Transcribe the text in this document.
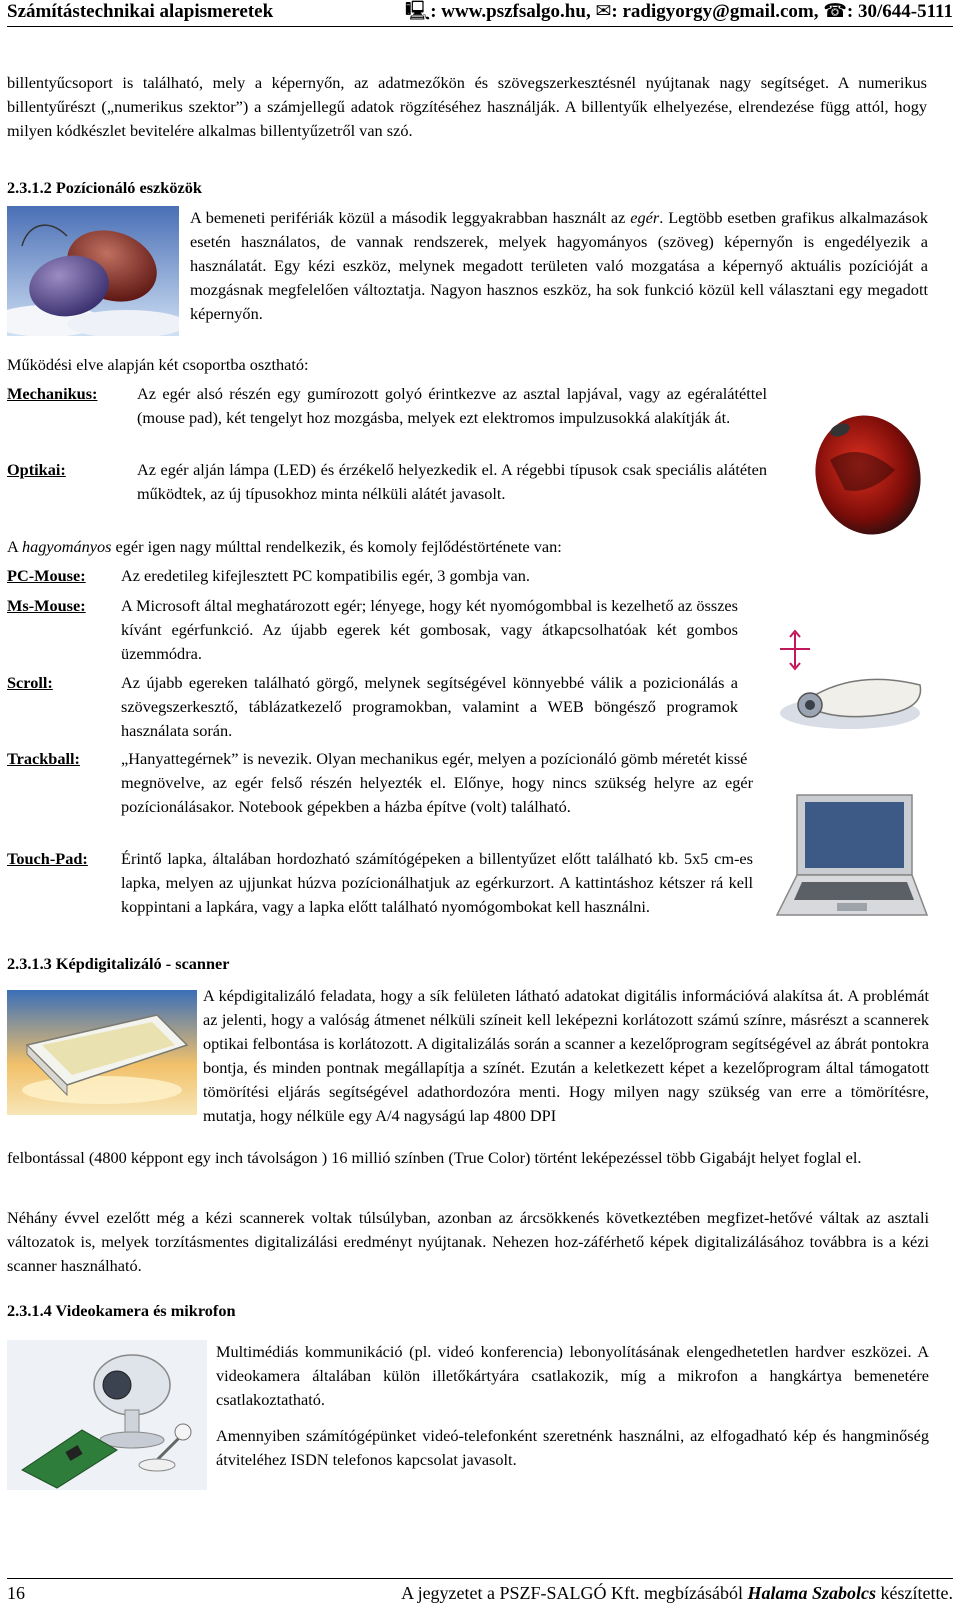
Számítástechnikai alapismeretek	🖳: www.pszfsalgo.hu, ✉: radigyorgy@gmail.com, ☎: 30/644-5111

billentyűcsoport is található, mely a képernyőn, az adatmezőkön és szövegszerkesztésnél nyújtanak nagy segítséget. A numerikus billentyűrészt („numerikus szektor”) a számjellegű adatok rögzítéséhez használják. A billentyűk elhelyezése, elrendezése függ attól, hogy milyen kódkészlet bevitelére alkalmas billentyűzetről van szó.

2.3.1.2 Pozícionáló eszközök

A bemeneti perifériák közül a második leggyakrabban használt az egér. Legtöbb esetben grafikus alkalmazások esetén használatos, de vannak rendszerek, melyek hagyományos (szöveg) képernyőn is engedélyezik a használatát. Egy kézi eszköz, melynek megadott területen való mozgatása a képernyő aktuális pozícióját a mozgásnak megfelelően változtatja. Nagyon hasznos eszköz, ha sok funkció közül kell választani egy megadott képernyőn.

Működési elve alapján két csoportba osztható:

Mechanikus: Az egér alsó részén egy gumírozott golyó érintkezve az asztal lapjával, vagy az egéralátéttel (mouse pad), két tengelyt hoz mozgásba, melyek ezt elektromos impulzusokká alakítják át.

Optikai:	Az egér alján lámpa (LED) és érzékelő helyezkedik el. A régebbi típusok csak speciális alátéten működtek, az új típusokhoz minta nélküli alátét javasolt.

A hagyományos egér igen nagy múlttal rendelkezik, és komoly fejlődéstörténete van:

PC-Mouse: Az eredetileg kifejlesztett PC kompatibilis egér, 3 gombja van.

Ms-Mouse: A Microsoft által meghatározott egér; lényege, hogy két nyomógombbal is kezelhető az összes kívánt egérfunkció. Az újabb egerek két gombosak, vagy átkapcsolhatóak két gombos üzemmódra.

Scroll:	Az újabb egereken található görgő, melynek segítségével könnyebbé válik a pozicionálás a szövegszerkesztő, táblázatkezelő programokban, valamint a WEB böngésző programok használata során.

Trackball:	„Hanyattegérnek” is nevezik. Olyan mechanikus egér, melyen a pozícionáló gömb méretét kissé

megnövelve, az egér felső részén helyezték el. Előnye, hogy nincs szükség helyre az egér pozícionálásakor. Notebook gépekben a házba építve (volt) található.

Touch-Pad: Érintő lapka, általában hordozható számítógépeken a billentyűzet előtt található kb. 5x5 cm-es lapka, melyen az ujjunkat húzva pozícionálhatjuk az egérkurzort. A kattintáshoz kétszer rá kell koppintani a lapkára, vagy a lapka előtt található nyomógombokat kell használni.

2.3.1.3 Képdigitalizáló - scanner

A képdigitalizáló feladata, hogy a sík felületen látható adatokat digitális információvá alakítsa át. A problémát az jelenti, hogy a valóság átmenet nélküli színeit kell leképezni korlátozott számú színre, másrészt a scannerek optikai felbontása is korlátozott. A digitalizálás során a scanner a kezelőprogram segítségével az ábrát pontokra bontja, és minden pontnak megállapítja a színét. Ezután a keletkezett képet a kezelőprogram által támogatott tömörítési eljárás segítségével adathordozóra menti. Hogy milyen nagy szükség van erre a tömörítésre, mutatja, hogy nélküle egy A/4 nagyságú lap 4800 DPI

felbontással (4800 képpont egy inch távolságon ) 16 millió színben (True Color) történt leképezéssel több Gigabájt helyet foglal el.

Néhány évvel ezelőtt még a kézi scannerek voltak túlsúlyban, azonban az árcsökkenés következtében megfizet-hetővé váltak az asztali változatok is, melyek torzításmentes digitalizálási eredményt nyújtanak. Nehezen hoz-záférhető képek digitalizálásához továbbra is a kézi scanner használható.

2.3.1.4 Videokamera és mikrofon

Multimédiás kommunikáció (pl. videó konferencia) lebonyolításának elengedhetetlen hardver eszközei. A videokamera általában külön illetőkártyára csatlakozik, míg a mikrofon a hangkártya bemenetére csatlakoztatható.

Amennyiben számítógépünket videó-telefonként szeretnénk használni, az elfogadható kép és hangminőség átviteléhez ISDN telefonos kapcsolat javasolt.

16	A jegyzetet a PSZF-SALGÓ Kft. megbízásából Halama Szabolcs készítette.
